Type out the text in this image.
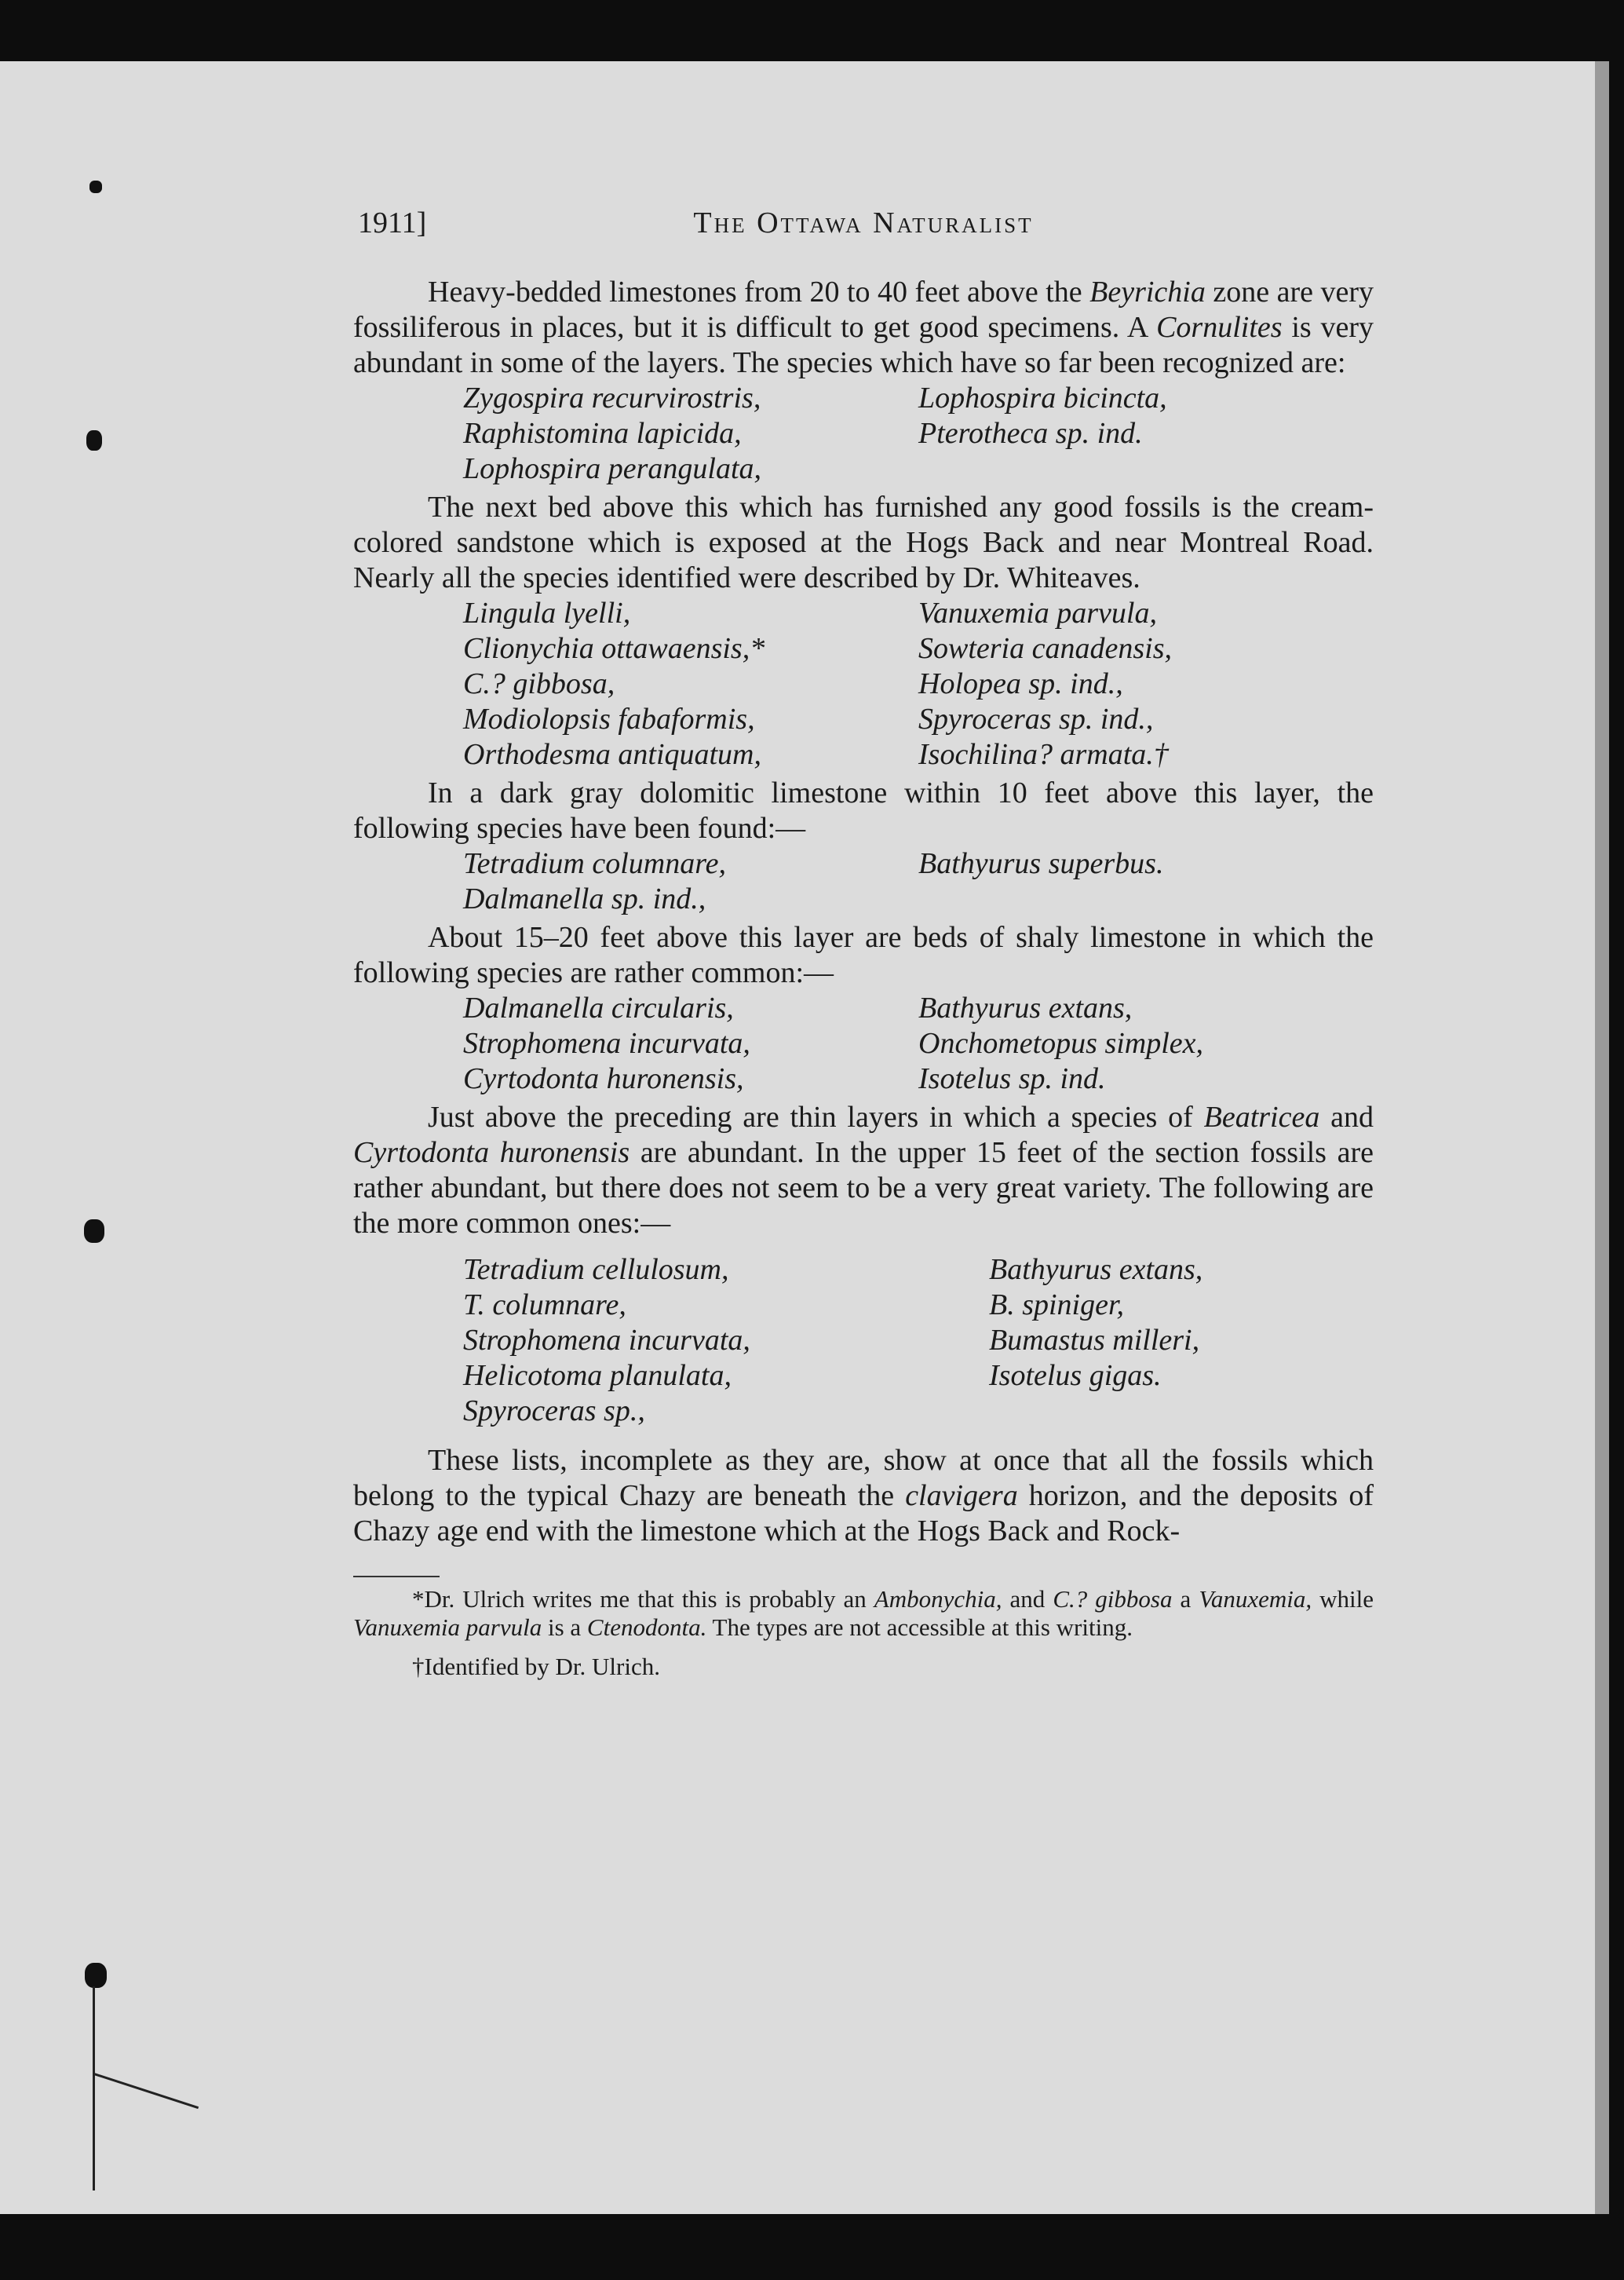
1911]	The Ottawa Naturalist

Heavy-bedded limestones from 20 to 40 feet above the Beyrichia zone are very fossiliferous in places, but it is difficult to get good specimens. A Cornulites is very abundant in some of the layers. The species which have so far been recognized are:

Zygospira recurvirostris,	Lophospira bicincta,
Raphistomina lapicida,	Pterotheca sp. ind.
Lophospira perangulata,

The next bed above this which has furnished any good fossils is the cream-colored sandstone which is exposed at the Hogs Back and near Montreal Road. Nearly all the species identified were described by Dr. Whiteaves.

Lingula lyelli,	Vanuxemia parvula,
Clionychia ottawaensis,*	Sowteria canadensis,
C.? gibbosa,	Holopea sp. ind.,
Modiolopsis fabaformis,	Spyroceras sp. ind.,
Orthodesma antiquatum,	Isochilina? armata.†

In a dark gray dolomitic limestone within 10 feet above this layer, the following species have been found:—

Tetradium columnare,	Bathyurus superbus.
Dalmanella sp. ind.,

About 15–20 feet above this layer are beds of shaly limestone in which the following species are rather common:—

Dalmanella circularis,	Bathyurus extans,
Strophomena incurvata,	Onchometopus simplex,
Cyrtodonta huronensis,	Isotelus sp. ind.

Just above the preceding are thin layers in which a species of Beatricea and Cyrtodonta huronensis are abundant. In the upper 15 feet of the section fossils are rather abundant, but there does not seem to be a very great variety. The following are the more common ones:—

Tetradium cellulosum,	Bathyurus extans,
T. columnare,	B. spiniger,
Strophomena incurvata,	Bumastus milleri,
Helicotoma planulata,	Isotelus gigas.
Spyroceras sp.,

These lists, incomplete as they are, show at once that all the fossils which belong to the typical Chazy are beneath the clavigera horizon, and the deposits of Chazy age end with the limestone which at the Hogs Back and Rock-

*Dr. Ulrich writes me that this is probably an Ambonychia, and C.? gibbosa a Vanuxemia, while Vanuxemia parvula is a Ctenodonta. The types are not accessible at this writing.

†Identified by Dr. Ulrich.
